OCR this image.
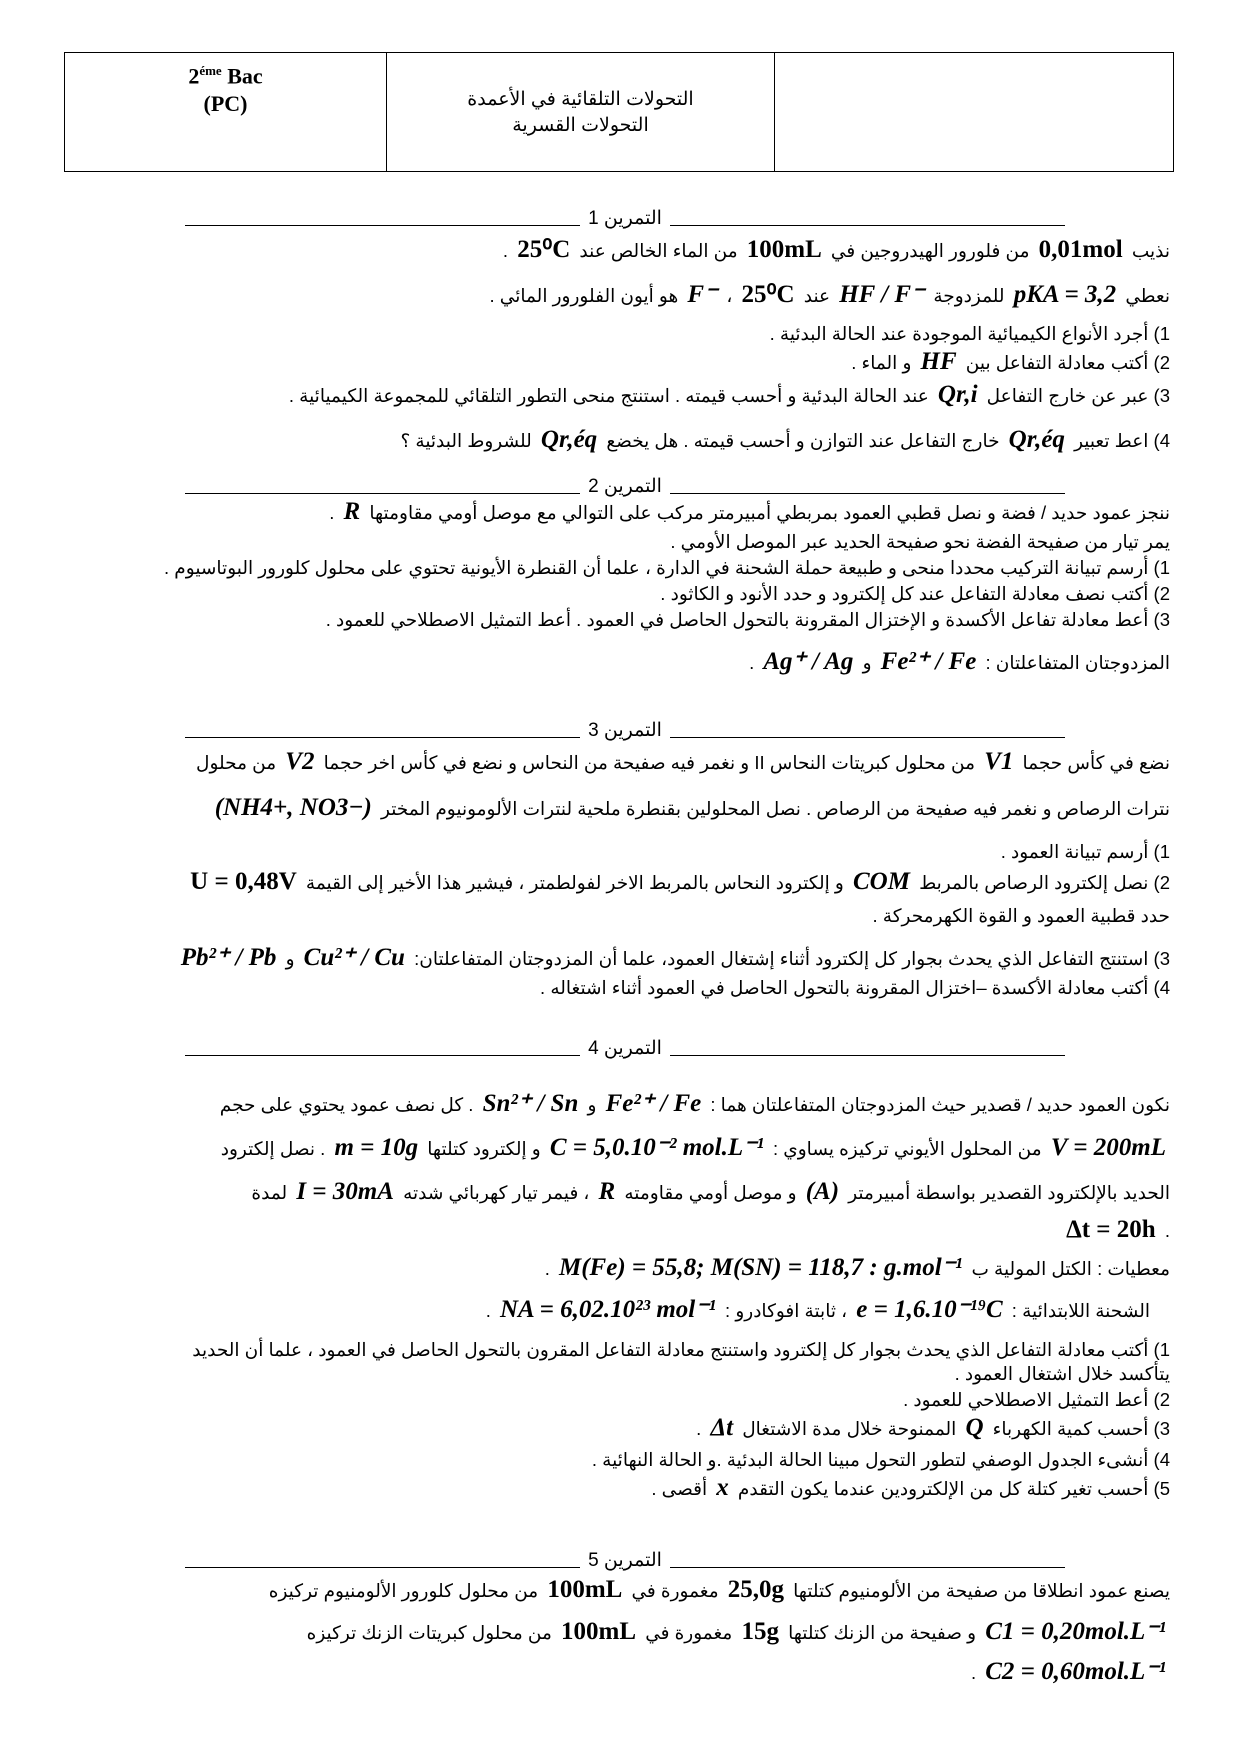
$2^{éme}$ Bac
(PC)	التحولات التلقائية في الأعمدة
التحولات القسرية
التمرين 1
نذيب 0,01mol من فلورور الهيدروجين في 100mL من الماء الخالص عند 25⁰C .
نعطي pKA = 3,2 للمزدوجة HF / F⁻ عند 25⁰C ، F⁻ هو أيون الفلورور المائي .
1) أجرد الأنواع الكيميائية الموجودة عند الحالة البدئية .
2) أكتب معادلة التفاعل بين HF و الماء .
3) عبر عن خارج التفاعل Qr,i عند الحالة البدئية و أحسب قيمته . استنتج منحى التطور التلقائي للمجموعة الكيميائية .
4) اعط تعبير Qr,éq خارج التفاعل عند التوازن و أحسب قيمته . هل يخضع Qr,éq للشروط البدئية ؟
التمرين 2
ننجز عمود حديد / فضة و نصل قطبي العمود بمربطي أمبيرمتر مركب على التوالي مع موصل أومي مقاومتها R .
يمر تيار من صفيحة الفضة نحو صفيحة الحديد عبر الموصل الأومي .
1) أرسم تبيانة التركيب محددا منحى و طبيعة حملة الشحنة في الدارة ، علما أن القنطرة الأيونية تحتوي على محلول كلورور البوتاسيوم .
2) أكتب نصف معادلة التفاعل عند كل إلكترود و حدد الأنود و الكاثود .
3) أعط معادلة تفاعل الأكسدة و الإختزال المقرونة بالتحول الحاصل في العمود . أعط التمثيل الاصطلاحي للعمود .
المزدوجتان المتفاعلتان : Fe²⁺ / Fe و Ag⁺ / Ag .
التمرين 3
نضع في كأس حجما V1 من محلول كبريتات النحاس II و نغمر فيه صفيحة من النحاس و نضع في كأس اخر حجما V2 من محلول
نترات الرصاص و نغمر فيه صفيحة من الرصاص . نصل المحلولين بقنطرة ملحية لنترات الألومونيوم المختر (NH4+, NO3−)
1) أرسم تبيانة العمود .
2) نصل إلكترود الرصاص بالمربط COM و إلكترود النحاس بالمربط الاخر لفولطمتر ، فيشير هذا الأخير إلى القيمة U = 0,48V
حدد قطبية العمود و القوة الكهرمحركة .
3) استنتج التفاعل الذي يحدث بجوار كل إلكترود أثناء إشتغال العمود، علما أن المزدوجتان المتفاعلتان: Cu²⁺ / Cu و Pb²⁺ / Pb
4) أكتب معادلة الأكسدة –اختزال المقرونة بالتحول الحاصل في العمود أثناء اشتغاله .
التمرين 4
نكون العمود حديد / قصدير حيث المزدوجتان المتفاعلتان هما : Fe²⁺ / Fe و Sn²⁺ / Sn . كل نصف عمود يحتوي على حجم
V = 200mL من المحلول الأيوني تركيزه يساوي : C = 5,0.10⁻² mol.L⁻¹ و إلكترود كتلتها m = 10g . نصل إلكترود
الحديد بالإلكترود القصدير بواسطة أمبيرمتر (A) و موصل أومي مقاومته R ، فيمر تيار كهربائي شدته I = 30mA لمدة
. Δt = 20h
معطيات : الكتل المولية ب M(Fe) = 55,8; M(SN) = 118,7 : g.mol⁻¹ .
الشحنة اللابتدائية : e = 1,6.10⁻¹⁹C ، ثابتة افوكادرو : NA = 6,02.10²³ mol⁻¹ .
1) أكتب معادلة التفاعل الذي يحدث بجوار كل إلكترود واستنتج معادلة التفاعل المقرون بالتحول الحاصل في العمود ، علما أن الحديد
يتأكسد خلال اشتغال العمود .
2) أعط التمثيل الاصطلاحي للعمود .
3) أحسب كمية الكهرباء Q الممنوحة خلال مدة الاشتغال Δt .
4) أنشىء الجدول الوصفي لتطور التحول مبينا الحالة البدئية .و الحالة النهائية .
5) أحسب تغير كتلة كل من الإلكترودين عندما يكون التقدم x أقصى .
التمرين 5
يصنع عمود انطلاقا من صفيحة من الألومنيوم كتلتها 25,0g مغمورة في 100mL من محلول كلورور الألومنيوم تركيزه
C1 = 0,20mol.L⁻¹ و صفيحة من الزنك كتلتها 15g مغمورة في 100mL من محلول كبريتات الزنك تركيزه
C2 = 0,60mol.L⁻¹ .
